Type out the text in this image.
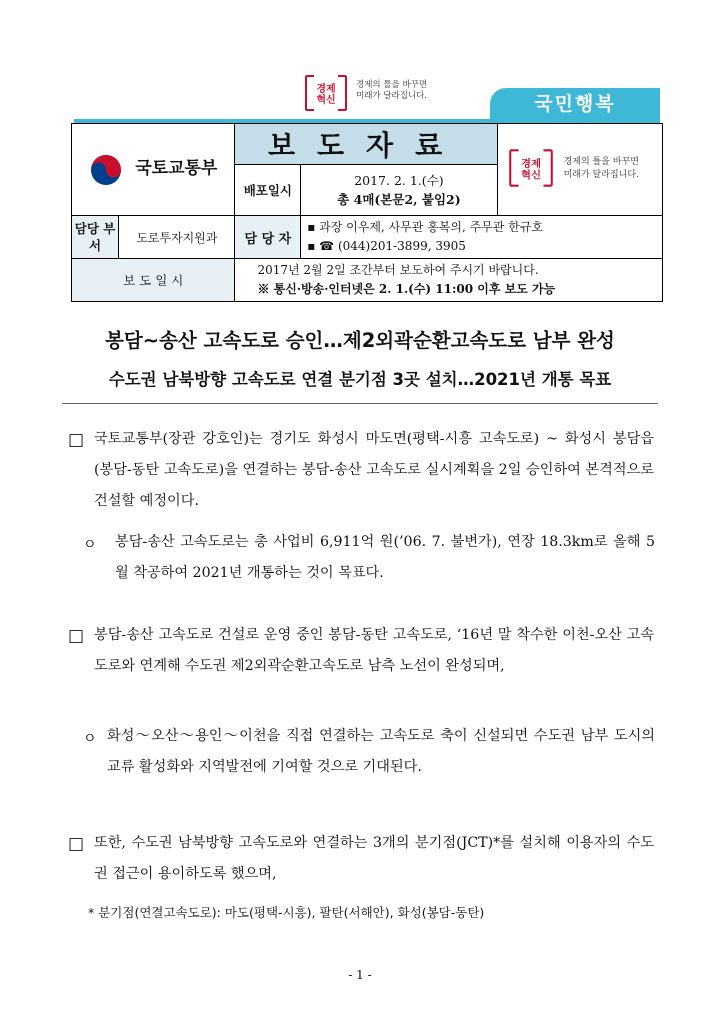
경제
혁신
경제의 틀을 바꾸면
미래가 달라집니다.	국민행복
국토교통부		보도자료		경제
혁신
경제의 틀을 바꾸면
미래가 달라집니다.

		배포일시	2017. 2. 1.(수)
총 4매(본문2, 붙임2)	

담당 부서	도로투자지원과	담 당 자	▪ 과장 이우제, 사무관 홍복의, 주무관 한규호
▪ ☎ (044)201-3899, 3905	

보 도 일 시		2017년 2월 2일 조간부터 보도하여 주시기 바랍니다.
※ 통신·방송·인터넷은 2. 1.(수) 11:00 이후 보도 가능		
봉담~송산 고속도로 승인…제2외곽순환고속도로 남부 완성
수도권 남북방향 고속도로 연결 분기점 3곳 설치…2021년 개통 목표
□ 국토교통부(장관 강호인)는 경기도 화성시 마도면(평택-시흥 고속도로) ~ 화성시 봉담읍(봉담-동탄 고속도로)을 연결하는 봉담-송산 고속도로 실시계획을 2일 승인하여 본격적으로 건설할 예정이다.
ㅇ 봉담-송산 고속도로는 총 사업비 6,911억 원(’06. 7. 불변가), 연장 18.3km로 올해 5월 착공하여 2021년 개통하는 것이 목표다.
□ 봉담-송산 고속도로 건설로 운영 중인 봉담-동탄 고속도로, ‘16년 말 착수한 이천-오산 고속도로와 연계해 수도권 제2외곽순환고속도로 남측 노선이 완성되며,
ㅇ 화성～오산～용인～이천을 직접 연결하는 고속도로 축이 신설되면 수도권 남부 도시의 교류 활성화와 지역발전에 기여할 것으로 기대된다.
□ 또한, 수도권 남북방향 고속도로와 연결하는 3개의 분기점(JCT)*를 설치해 이용자의 수도권 접근이 용이하도록 했으며,
* 분기점(연결고속도로): 마도(평택-시흥), 팔탄(서해안), 화성(봉담-동탄)
- 1 -
